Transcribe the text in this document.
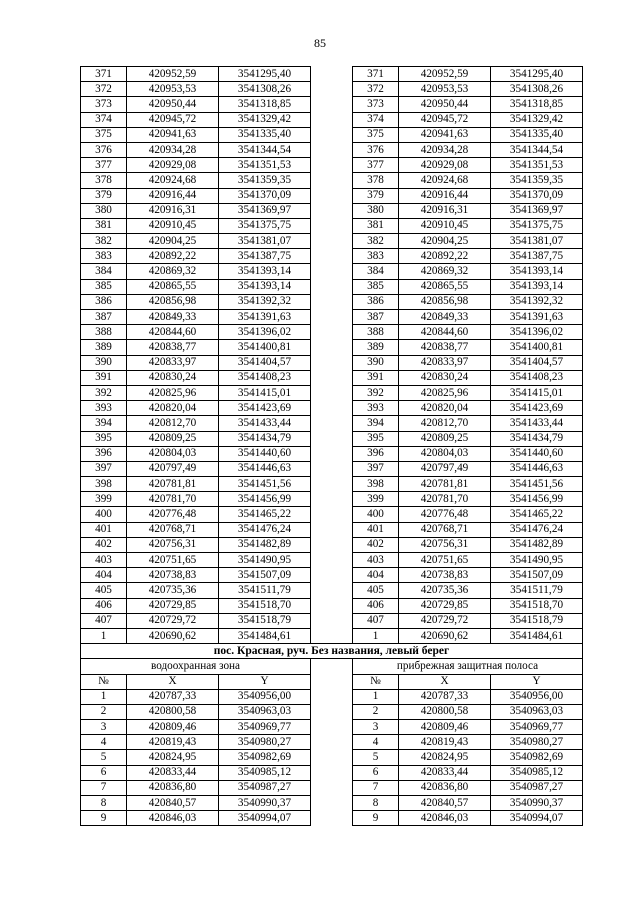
85
371	420952,59	3541295,40		371	420952,59	3541295,40
372	420953,53	3541308,26		372	420953,53	3541308,26
373	420950,44	3541318,85		373	420950,44	3541318,85
374	420945,72	3541329,42		374	420945,72	3541329,42
375	420941,63	3541335,40		375	420941,63	3541335,40
376	420934,28	3541344,54		376	420934,28	3541344,54
377	420929,08	3541351,53		377	420929,08	3541351,53
378	420924,68	3541359,35		378	420924,68	3541359,35
379	420916,44	3541370,09		379	420916,44	3541370,09
380	420916,31	3541369,97		380	420916,31	3541369,97
381	420910,45	3541375,75		381	420910,45	3541375,75
382	420904,25	3541381,07		382	420904,25	3541381,07
383	420892,22	3541387,75		383	420892,22	3541387,75
384	420869,32	3541393,14		384	420869,32	3541393,14
385	420865,55	3541393,14		385	420865,55	3541393,14
386	420856,98	3541392,32		386	420856,98	3541392,32
387	420849,33	3541391,63		387	420849,33	3541391,63
388	420844,60	3541396,02		388	420844,60	3541396,02
389	420838,77	3541400,81		389	420838,77	3541400,81
390	420833,97	3541404,57		390	420833,97	3541404,57
391	420830,24	3541408,23		391	420830,24	3541408,23
392	420825,96	3541415,01		392	420825,96	3541415,01
393	420820,04	3541423,69		393	420820,04	3541423,69
394	420812,70	3541433,44		394	420812,70	3541433,44
395	420809,25	3541434,79		395	420809,25	3541434,79
396	420804,03	3541440,60		396	420804,03	3541440,60
397	420797,49	3541446,63		397	420797,49	3541446,63
398	420781,81	3541451,56		398	420781,81	3541451,56
399	420781,70	3541456,99		399	420781,70	3541456,99
400	420776,48	3541465,22		400	420776,48	3541465,22
401	420768,71	3541476,24		401	420768,71	3541476,24
402	420756,31	3541482,89		402	420756,31	3541482,89
403	420751,65	3541490,95		403	420751,65	3541490,95
404	420738,83	3541507,09		404	420738,83	3541507,09
405	420735,36	3541511,79		405	420735,36	3541511,79
406	420729,85	3541518,70		406	420729,85	3541518,70
407	420729,72	3541518,79		407	420729,72	3541518,79
1	420690,62	3541484,61		1	420690,62	3541484,61
пос. Красная, руч. Без названия, левый берег						
водоохранная зона				прибрежная защитная полоса		
№	X	Y		№	X	Y
1	420787,33	3540956,00		1	420787,33	3540956,00
2	420800,58	3540963,03		2	420800,58	3540963,03
3	420809,46	3540969,77		3	420809,46	3540969,77
4	420819,43	3540980,27		4	420819,43	3540980,27
5	420824,95	3540982,69		5	420824,95	3540982,69
6	420833,44	3540985,12		6	420833,44	3540985,12
7	420836,80	3540987,27		7	420836,80	3540987,27
8	420840,57	3540990,37		8	420840,57	3540990,37
9	420846,03	3540994,07		9	420846,03	3540994,07
